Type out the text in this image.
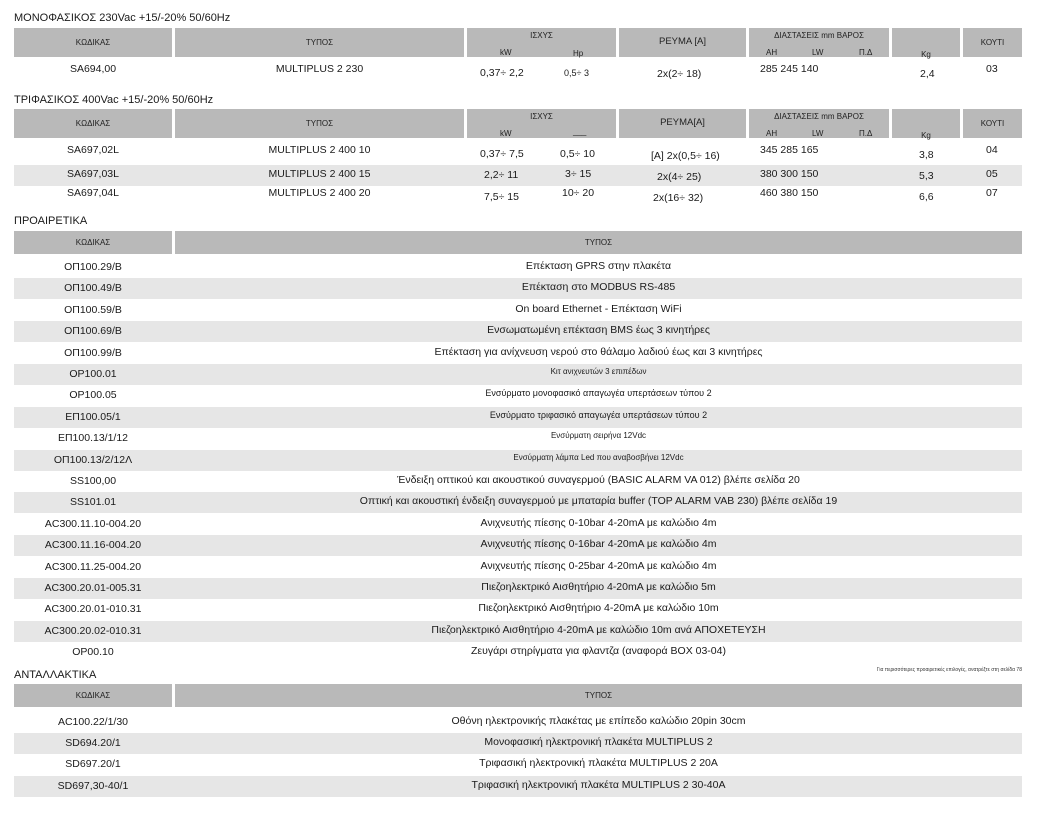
ΜΟΝΟΦΑΣΙΚΟΣ 230Vac +15/-20% 50/60Hz
ΚΩΔΙΚΑΣ	ΤΥΠΟΣ
ΙΣΧΥΣ
kW	Hp
ΡΕΥΜΑ [A]
ΔΙΑΣΤΑΣΕΙΣ mm ΒΑΡΟΣ
ΑΗ	LW	Π.Δ	Kg
ΚΟΥΤΙ
SA694,00	MULTIPLUS 2 230	0,37÷ 2,2	0,5÷ 3	2x(2÷ 18)	285 245 140	2,4	03
ΤΡΙΦΑΣΙΚΟΣ 400Vac +15/-20% 50/60Hz
ΚΩΔΙΚΑΣ	ΤΥΠΟΣ
ΙΣΧΥΣ
kW	___
ΡΕΥΜΑ[A]
ΔΙΑΣΤΑΣΕΙΣ mm ΒΑΡΟΣ
ΑΗ	LW	Π.Δ	Kg
ΚΟΥΤΙ
SA697,02L	MULTIPLUS 2 400 10	0,37÷ 7,5	0,5÷ 10	[A] 2x(0,5÷ 16)	345 285 165	3,8	04
SA697,03L	MULTIPLUS 2 400 15	2,2÷ 11	3÷ 15	2x(4÷ 25)	380 300 150	5,3	05
SA697,04L	MULTIPLUS 2 400 20	7,5÷ 15	10÷ 20	2x(16÷ 32)	460 380 150	6,6	07
ΠΡΟΑΙΡΕΤΙΚΑ
ΚΩΔΙΚΑΣ	ΤΥΠΟΣ
ΟΠ100.29/Β	Επέκταση GPRS στην πλακέτα
ΟΠ100.49/Β	Επέκταση στο MODBUS RS-485
ΟΠ100.59/Β	On board Ethernet - Επέκταση WiFi
ΟΠ100.69/Β	Ενσωματωμένη επέκταση BMS έως 3 κινητήρες
ΟΠ100.99/Β	Επέκταση για ανίχνευση νερού στο θάλαμο λαδιού έως και 3 κινητήρες
OP100.01	Κιτ ανιχνευτών 3 επιπέδων
OP100.05	Ενσύρματο μονοφασικό απαγωγέα υπερτάσεων τύπου 2
ΕΠ100.05/1	Ενσύρματο τριφασικό απαγωγέα υπερτάσεων τύπου 2
ΕΠ100.13/1/12	Ενσύρματη σειρήνα 12Vdc
ΟΠ100.13/2/12Λ	Ενσύρματη λάμπα Led που αναβοσβήνει 12Vdc
SS100,00	Ένδειξη οπτικού και ακουστικού συναγερμού (BASIC ALARM VA 012) βλέπε σελίδα 20
SS101.01	Οπτική και ακουστική ένδειξη συναγερμού με μπαταρία buffer (TOP ALARM VAB 230) βλέπε σελίδα 19
AC300.11.10-004.20	Ανιχνευτής πίεσης 0-10bar 4-20mA με καλώδιο 4m
AC300.11.16-004.20	Ανιχνευτής πίεσης 0-16bar 4-20mA με καλώδιο 4m
AC300.11.25-004.20	Ανιχνευτής πίεσης 0-25bar 4-20mA με καλώδιο 4m
AC300.20.01-005.31	Πιεζοηλεκτρικό Αισθητήριο 4-20mA με καλώδιο 5m
AC300.20.01-010.31	Πιεζοηλεκτρικό Αισθητήριο 4-20mA με καλώδιο 10m
AC300.20.02-010.31	Πιεζοηλεκτρικό Αισθητήριο 4-20mA με καλώδιο 10m ανά ΑΠΟΧΕΤΕΥΣΗ
OP00.10	Ζευγάρι στηρίγματα για φλαντζα (αναφορά ΒΟΧ 03-04)
Για περισσότερες προαιρετικές επιλογές, ανατρέξτε στη σελίδα 78
ΑΝΤΑΛΛΑΚΤΙΚΑ
ΚΩΔΙΚΑΣ	ΤΥΠΟΣ
AC100.22/1/30	Οθόνη ηλεκτρονικής πλακέτας με επίπεδο καλώδιο 20pin 30cm
SD694.20/1	Μονοφασική ηλεκτρονική πλακέτα MULTIPLUS 2
SD697.20/1	Τριφασική ηλεκτρονική πλακέτα MULTIPLUS 2 20A
SD697,30-40/1	Τριφασική ηλεκτρονική πλακέτα MULTIPLUS 2 30-40A
